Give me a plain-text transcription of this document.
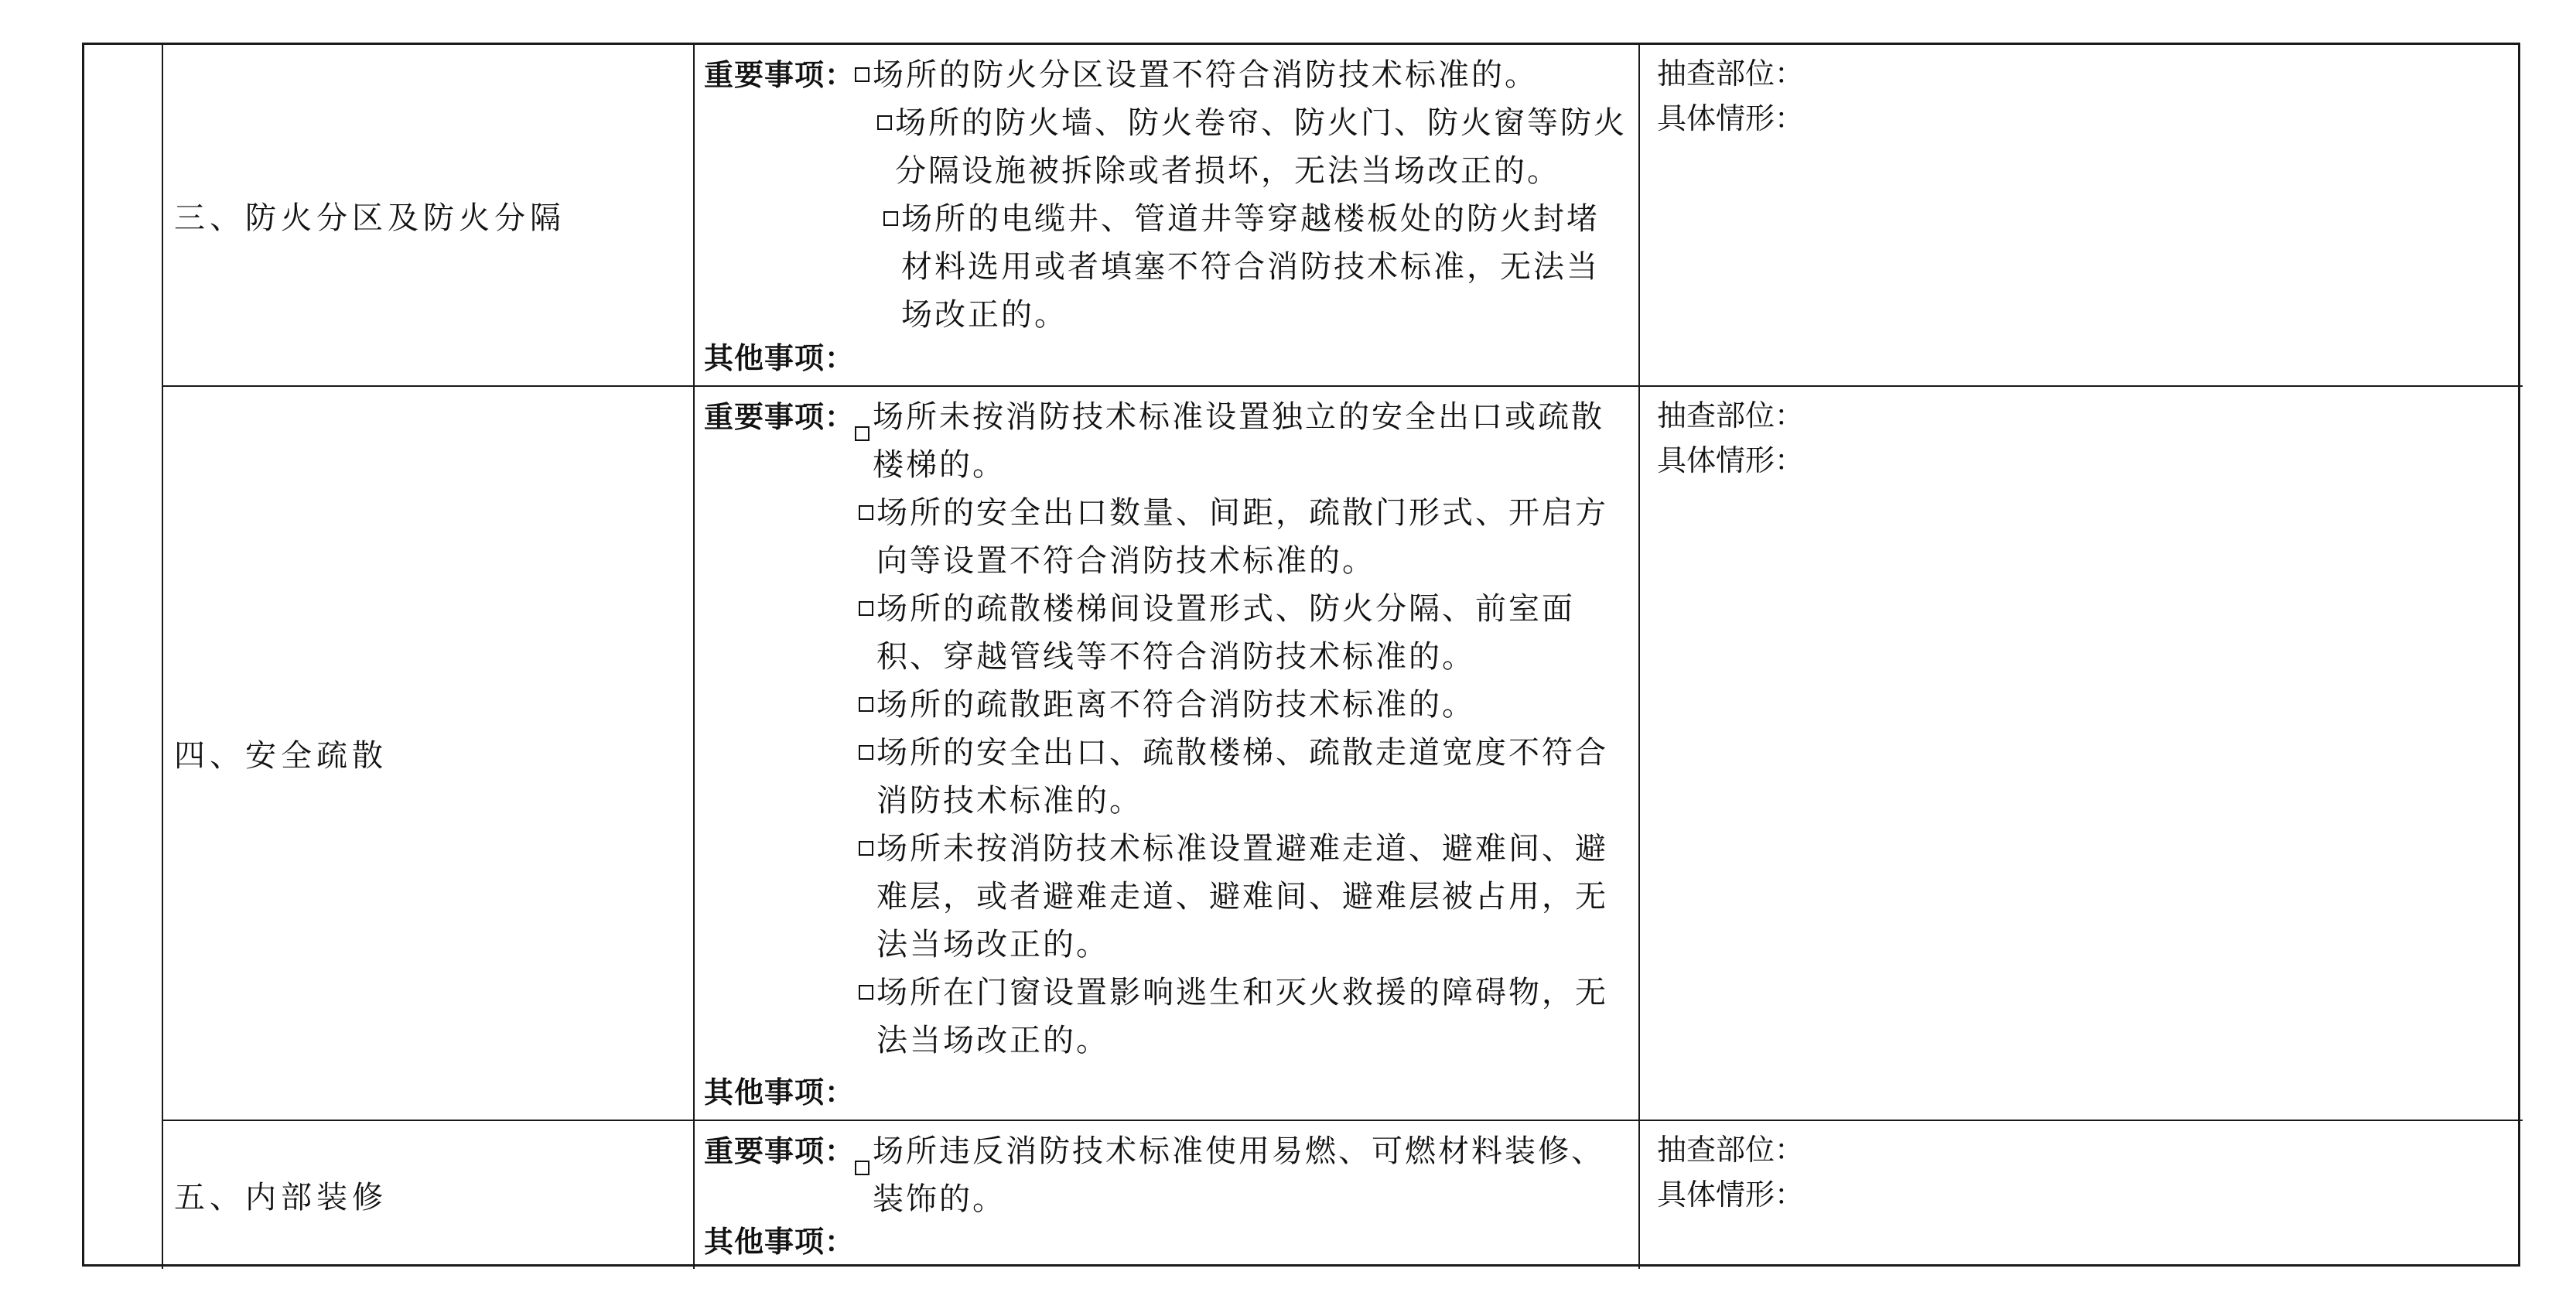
三、防火分区及防火分隔
重要事项： 场所的防火分区设置不符合消防技术标准的。
场所的防火墙、防火卷帘、防火门、防火窗等防火分隔设施被拆除或者损坏，无法当场改正的。
场所的电缆井、管道井等穿越楼板处的防火封堵材料选用或者填塞不符合消防技术标准，无法当场改正的。
其他事项：
抽查部位：
具体情形：
四、安全疏散
重要事项： 场所未按消防技术标准设置独立的安全出口或疏散楼梯的。
场所的安全出口数量、间距，疏散门形式、开启方向等设置不符合消防技术标准的。
场所的疏散楼梯间设置形式、防火分隔、前室面积、穿越管线等不符合消防技术标准的。
场所的疏散距离不符合消防技术标准的。
场所的安全出口、疏散楼梯、疏散走道宽度不符合消防技术标准的。
场所未按消防技术标准设置避难走道、避难间、避难层，或者避难走道、避难间、避难层被占用，无法当场改正的。
场所在门窗设置影响逃生和灭火救援的障碍物，无法当场改正的。
其他事项：
抽查部位：
具体情形：
五、内部装修
重要事项： 场所违反消防技术标准使用易燃、可燃材料装修、装饰的。
其他事项：
抽查部位：
具体情形：
